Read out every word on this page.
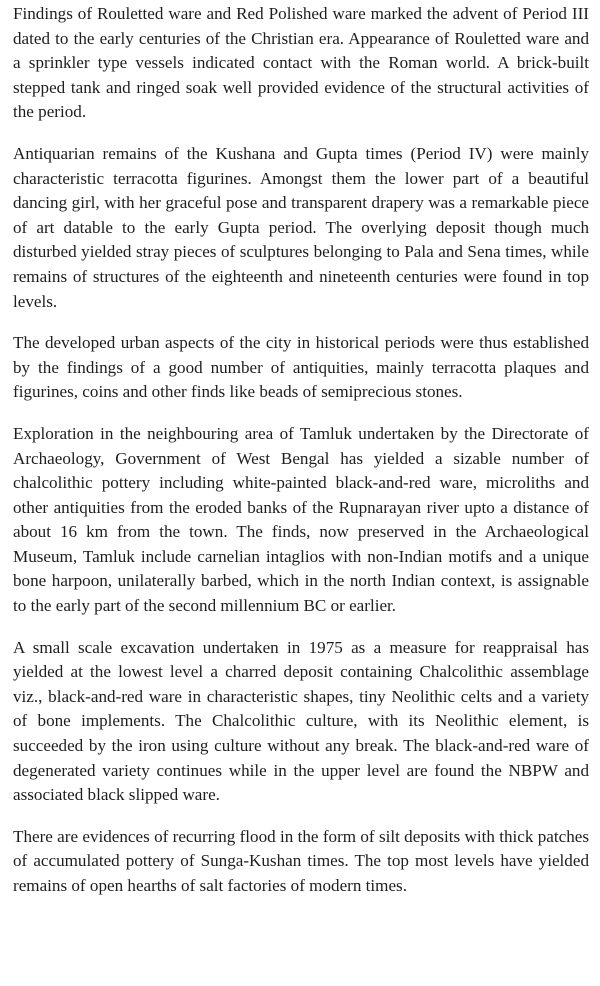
Findings of Rouletted ware and Red Polished ware marked the advent of Period III dated to the early centuries of the Christian era. Appearance of Rouletted ware and a sprinkler type vessels indicated contact with the Roman world. A brick-built stepped tank and ringed soak well provided evidence of the structural activities of the period.

Antiquarian remains of the Kushana and Gupta times (Period IV) were mainly characteristic terracotta figurines. Amongst them the lower part of a beautiful dancing girl, with her graceful pose and transparent drapery was a remarkable piece of art datable to the early Gupta period. The overlying deposit though much disturbed yielded stray pieces of sculptures belonging to Pala and Sena times, while remains of structures of the eighteenth and nineteenth centuries were found in top levels.

The developed urban aspects of the city in historical periods were thus established by the findings of a good number of antiquities, mainly terracotta plaques and figurines, coins and other finds like beads of semiprecious stones.

Exploration in the neighbouring area of Tamluk undertaken by the Directorate of Archaeology, Government of West Bengal has yielded a sizable number of chalcolithic pottery including white-painted black-and-red ware, microliths and other antiquities from the eroded banks of the Rupnarayan river upto a distance of about 16 km from the town. The finds, now preserved in the Archaeological Museum, Tamluk include carnelian intaglios with non-Indian motifs and a unique bone harpoon, unilaterally barbed, which in the north Indian context, is assignable to the early part of the second millennium BC or earlier.

A small scale excavation undertaken in 1975 as a measure for reappraisal has yielded at the lowest level a charred deposit containing Chalcolithic assemblage viz., black-and-red ware in characteristic shapes, tiny Neolithic celts and a variety of bone implements. The Chalcolithic culture, with its Neolithic element, is succeeded by the iron using culture without any break. The black-and-red ware of degenerated variety continues while in the upper level are found the NBPW and associated black slipped ware.

There are evidences of recurring flood in the form of silt deposits with thick patches of accumulated pottery of Sunga-Kushan times. The top most levels have yielded remains of open hearths of salt factories of modern times.
